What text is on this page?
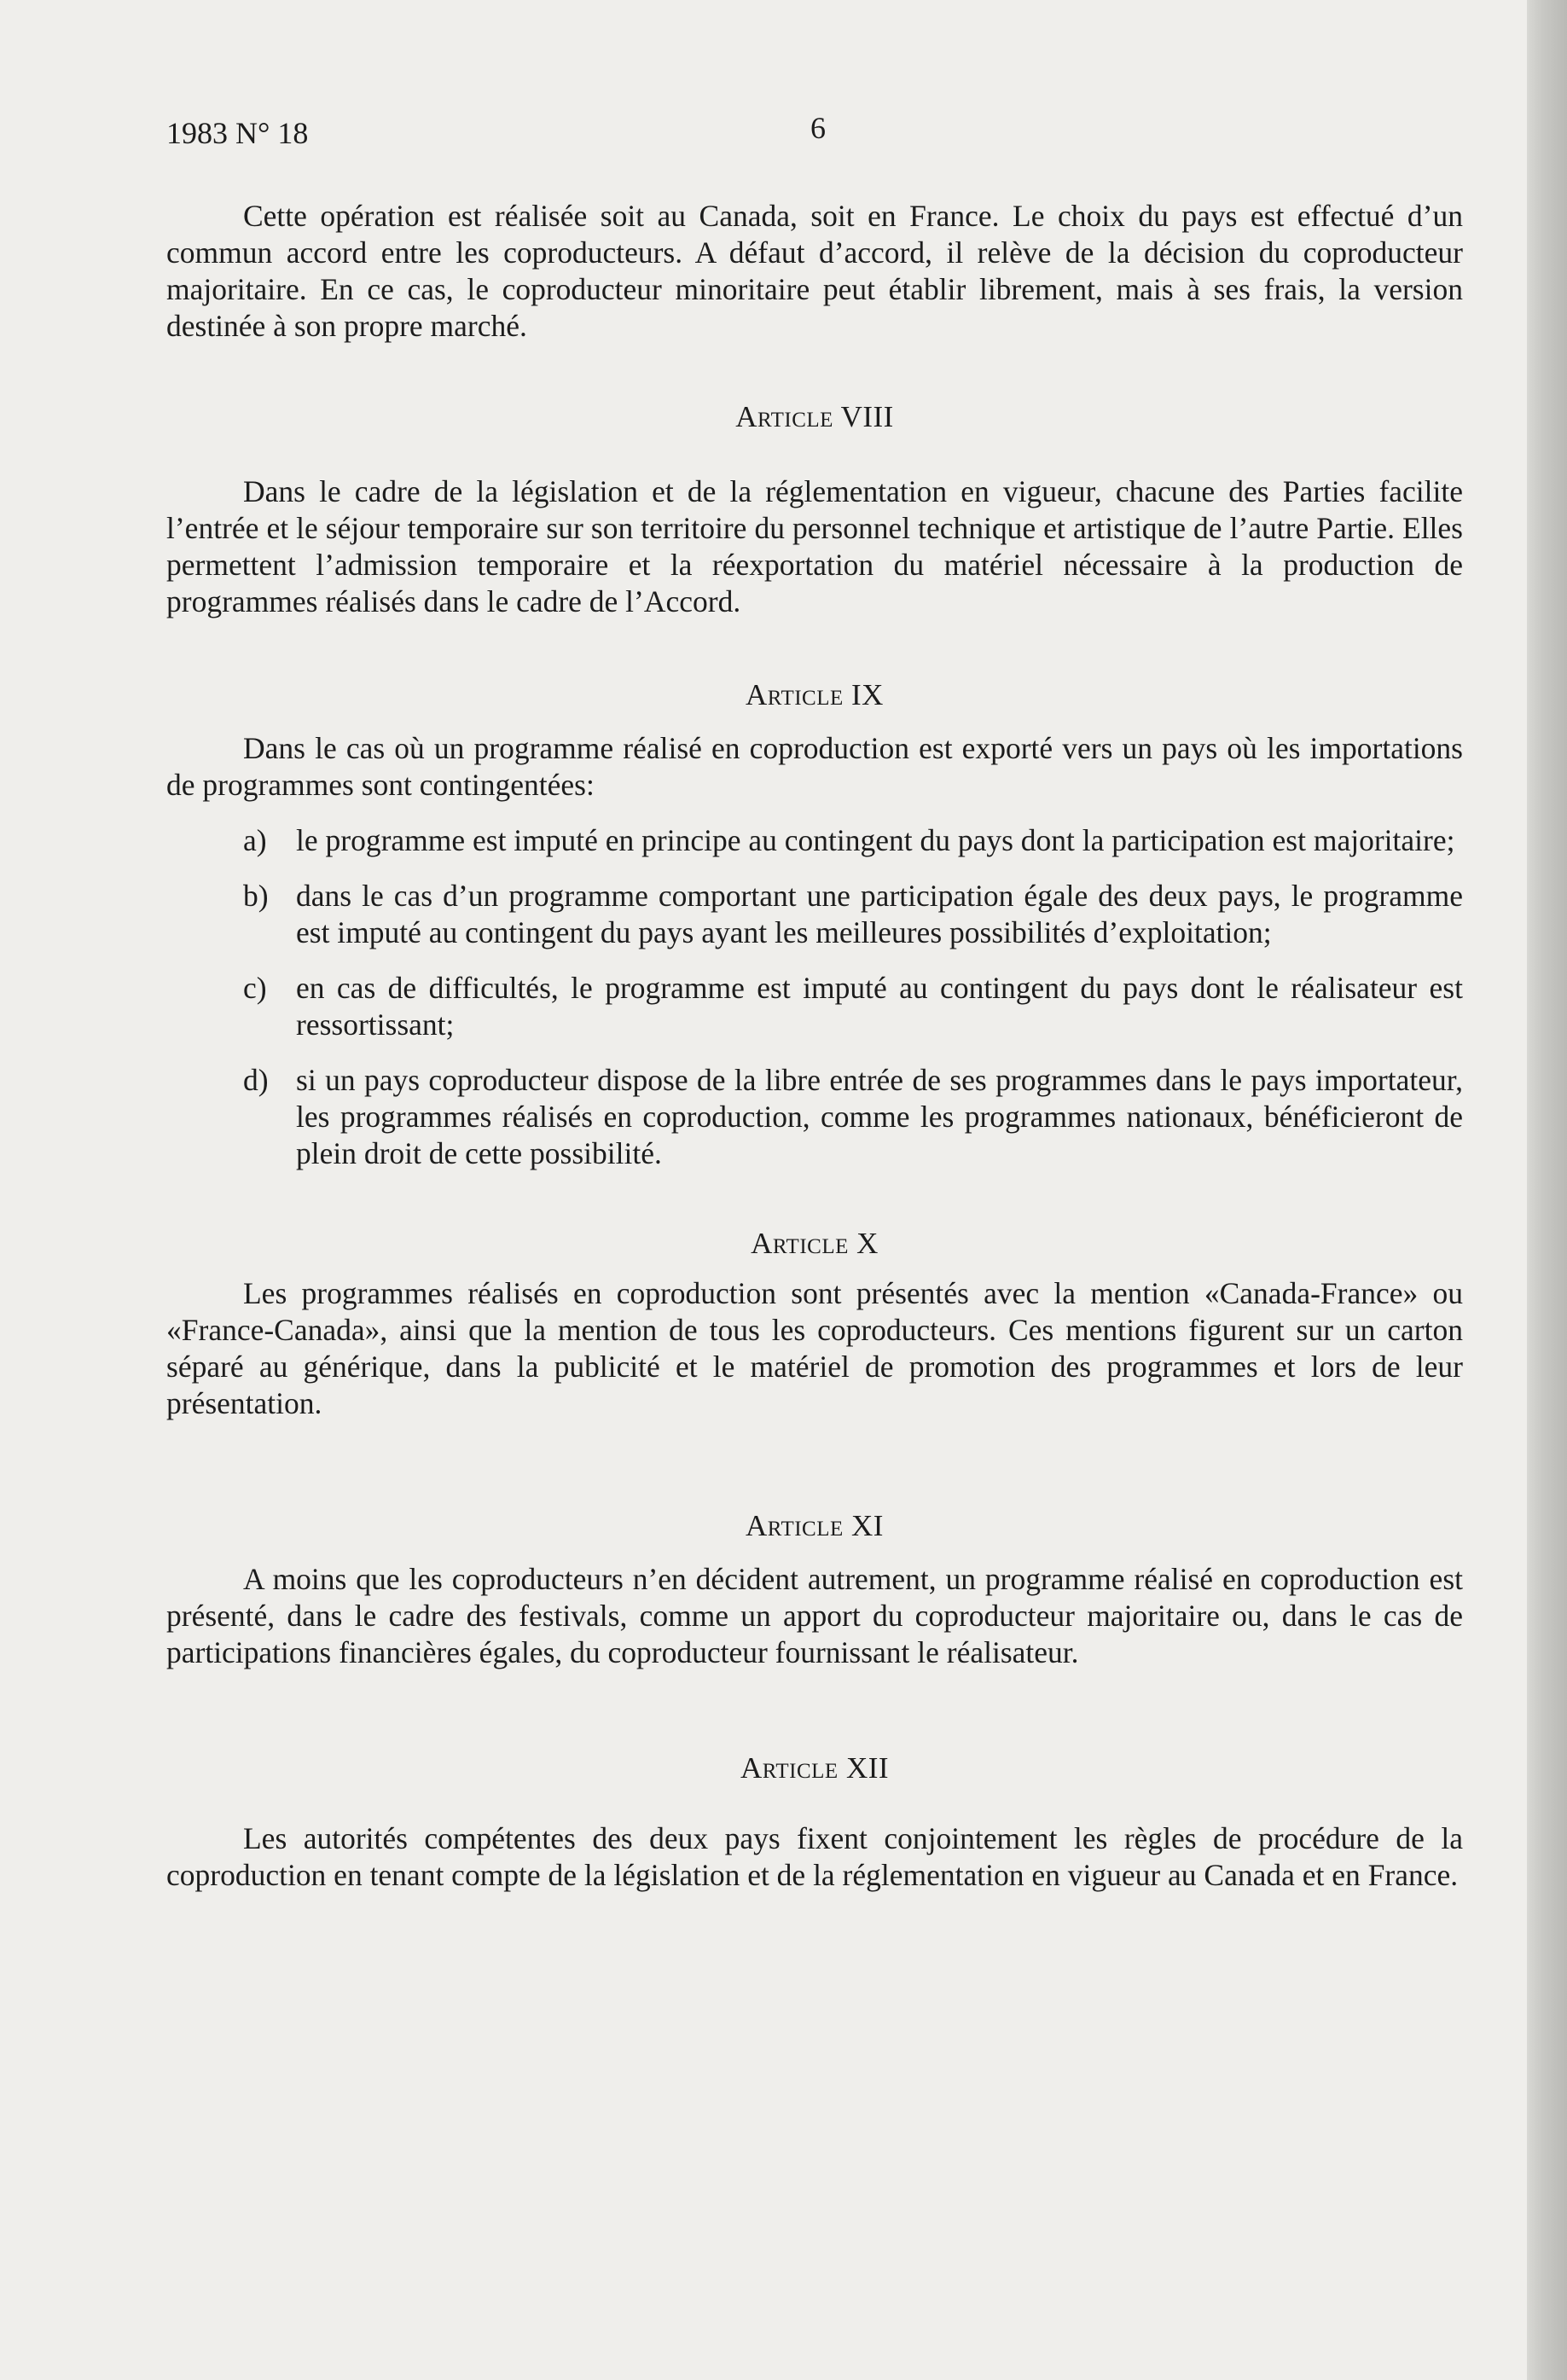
1983 N° 18	6

Cette opération est réalisée soit au Canada, soit en France. Le choix du pays est effectué d’un commun accord entre les coproducteurs. A défaut d’accord, il relève de la décision du coproducteur majoritaire. En ce cas, le coproducteur minoritaire peut établir librement, mais à ses frais, la version destinée à son propre marché.

Article VIII

Dans le cadre de la législation et de la réglementation en vigueur, chacune des Parties facilite l’entrée et le séjour temporaire sur son territoire du personnel technique et artistique de l’autre Partie. Elles permettent l’admission temporaire et la réexportation du matériel nécessaire à la production de programmes réalisés dans le cadre de l’Accord.

Article IX

Dans le cas où un programme réalisé en coproduction est exporté vers un pays où les importations de programmes sont contingentées:

a) le programme est imputé en principe au contingent du pays dont la participation est majoritaire;
b) dans le cas d’un programme comportant une participation égale des deux pays, le programme est imputé au contingent du pays ayant les meilleures possibilités d’exploitation;
c) en cas de difficultés, le programme est imputé au contingent du pays dont le réalisateur est ressortissant;
d) si un pays coproducteur dispose de la libre entrée de ses programmes dans le pays importateur, les programmes réalisés en coproduction, comme les programmes nationaux, bénéficieront de plein droit de cette possibilité.
Article X

Les programmes réalisés en coproduction sont présentés avec la mention «Canada-France» ou «France-Canada», ainsi que la mention de tous les coproducteurs. Ces mentions figurent sur un carton séparé au générique, dans la publicité et le matériel de promotion des programmes et lors de leur présentation.

Article XI

A moins que les coproducteurs n’en décident autrement, un programme réalisé en coproduction est présenté, dans le cadre des festivals, comme un apport du coproducteur majoritaire ou, dans le cas de participations financières égales, du coproducteur fournissant le réalisateur.

Article XII

Les autorités compétentes des deux pays fixent conjointement les règles de procédure de la coproduction en tenant compte de la législation et de la réglementation en vigueur au Canada et en France.
